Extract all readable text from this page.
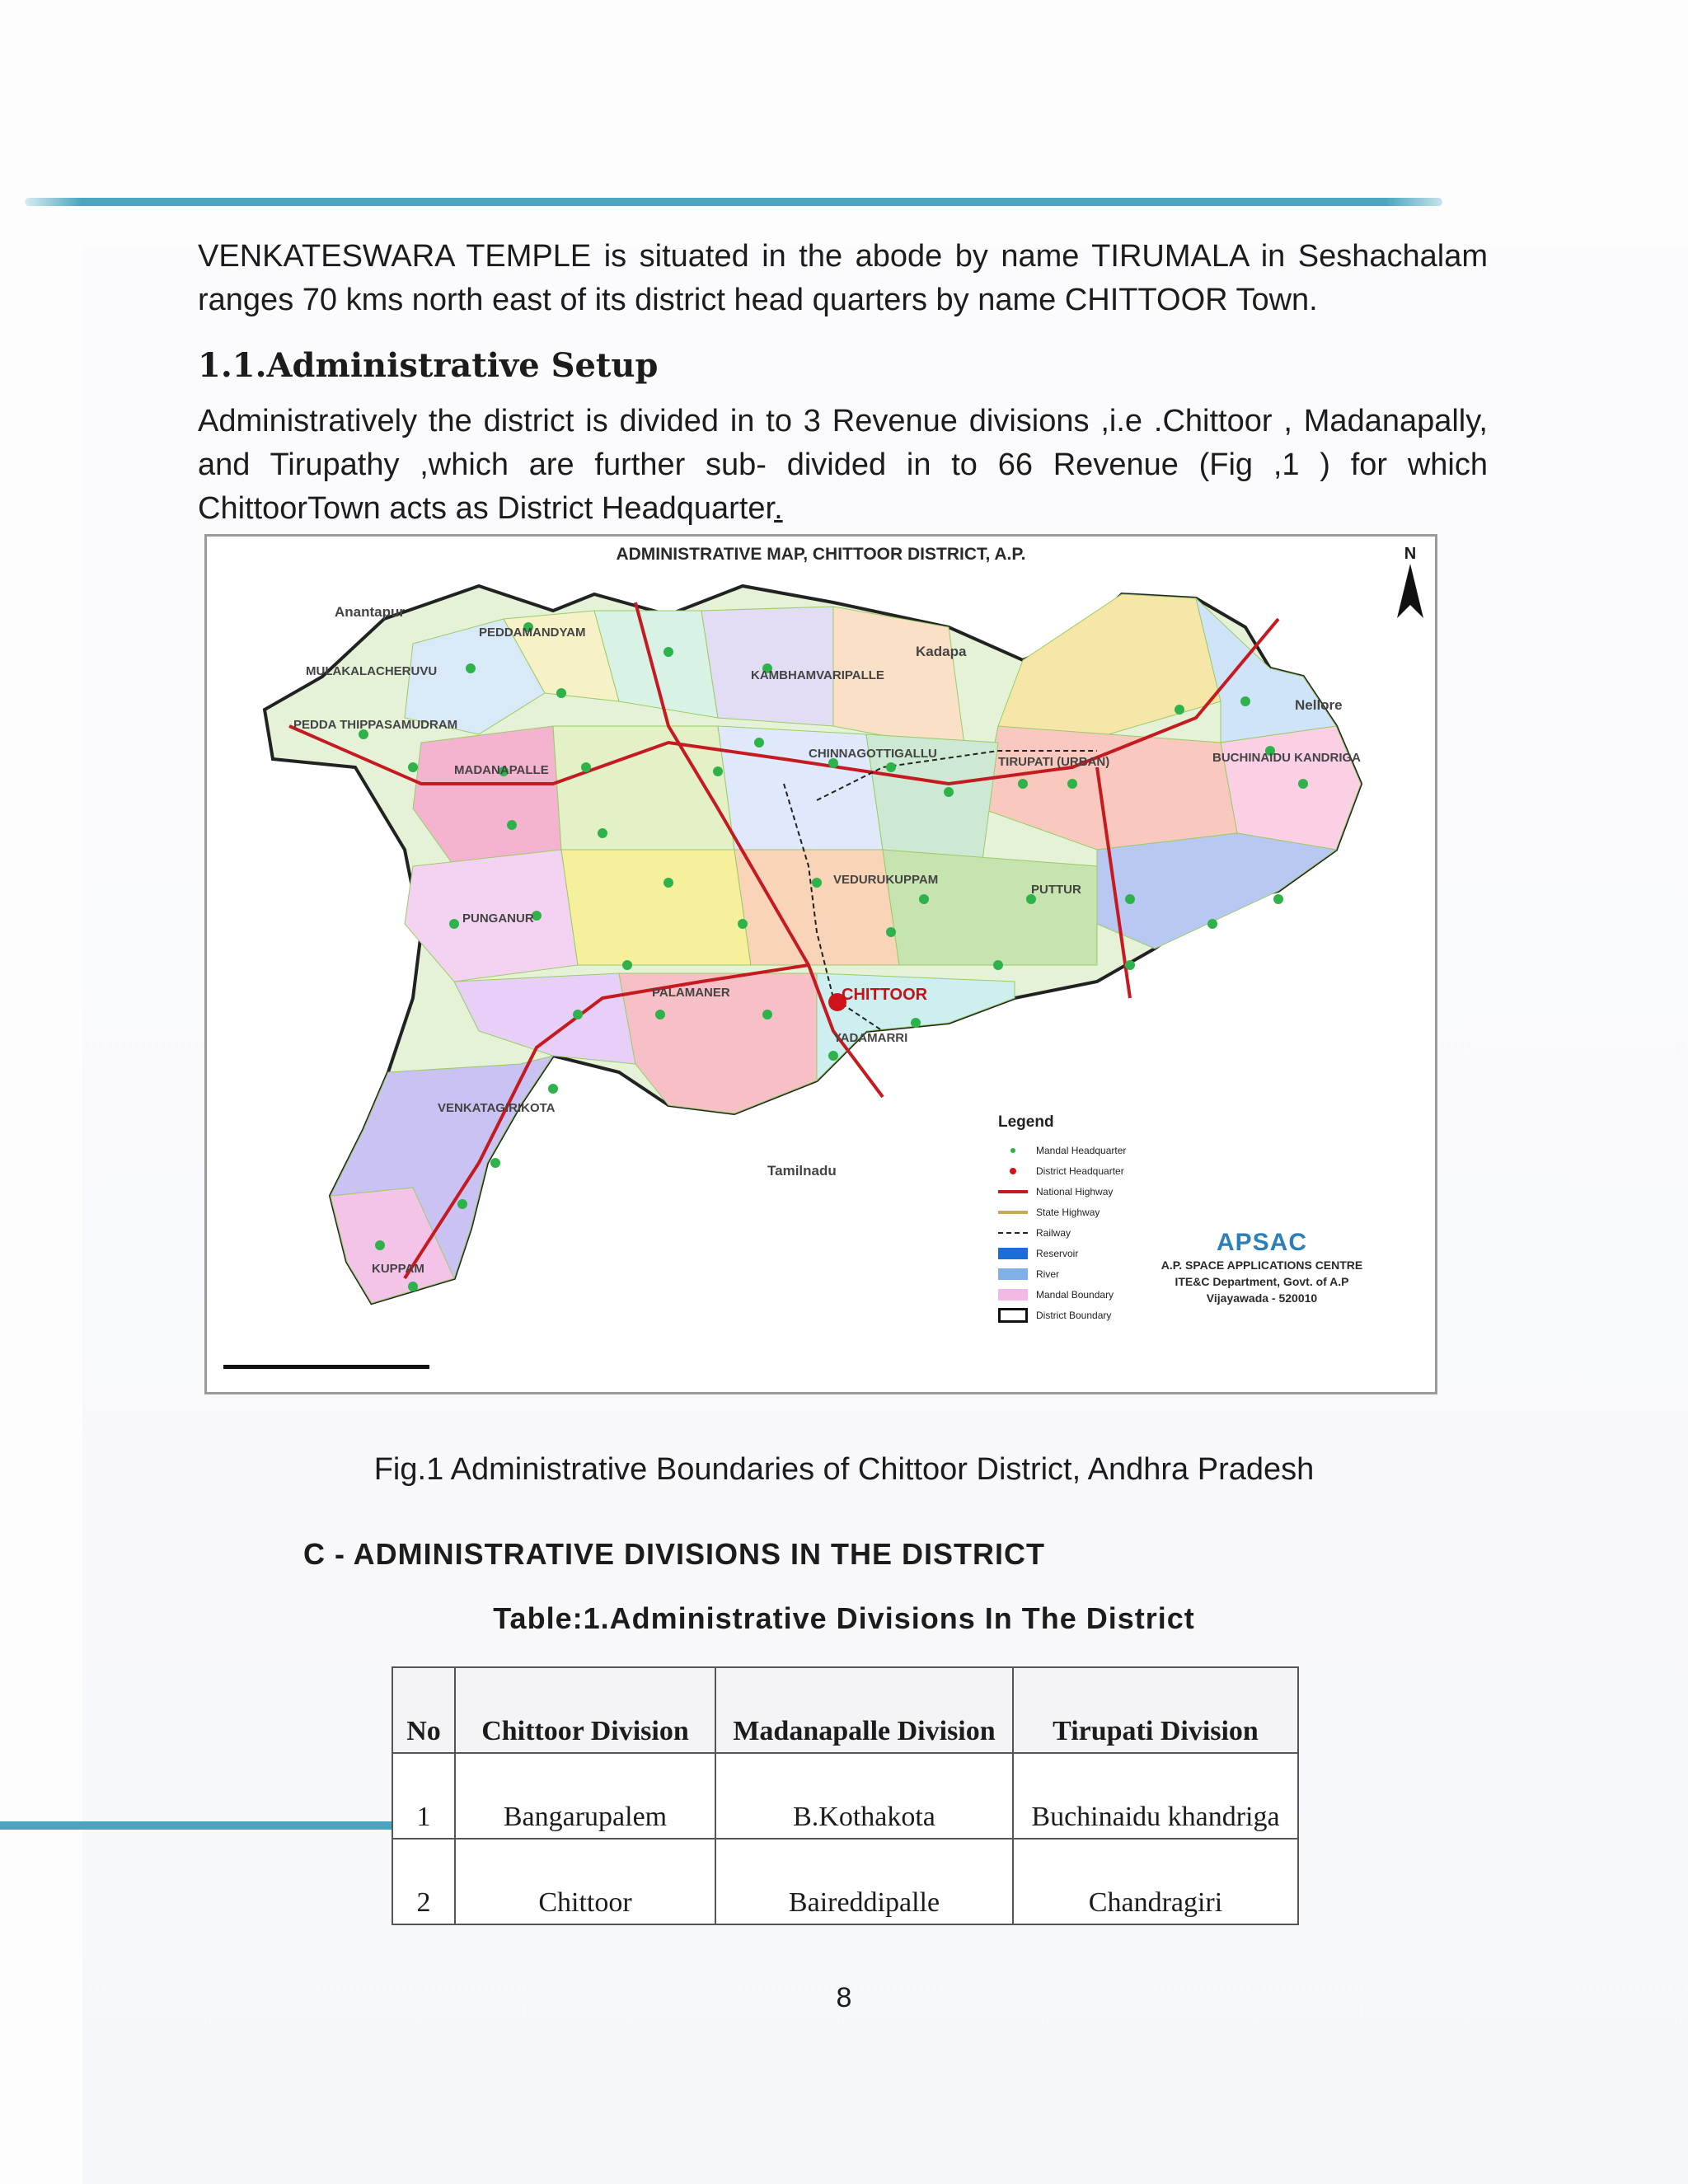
VENKATESWARA TEMPLE is situated in the abode by name TIRUMALA in Seshachalam ranges 70 kms north east of its district head quarters by name CHITTOOR Town.
1.1.Administrative Setup
Administratively the district is divided in to 3 Revenue divisions ,i.e .Chittoor , Madanapally, and Tirupathy ,which are further sub- divided in to 66 Revenue (Fig ,1 ) for which ChittoorTown acts as District Headquarter.
ADMINISTRATIVE MAP, CHITTOOR DISTRICT, A.P.	N
Anantapur
Kadapa
Nellore
Tamilnadu
PEDDAMANDYAM
MULAKALACHERUVU
PEDDA THIPPASAMUDRAM
KAMBHAMVARIPALLE
CHINNAGOTTIGALLU
TIRUPATI (URBAN)	BUCHINAIDU KANDRIGA
MADANAPALLE
VEDURUKUPPAM
PUTTUR
PUNGANUR
PALAMANER
YADAMARRI
VENKATAGIRIKOTA
KUPPAM
CHITTOOR
Legend
Mandal Headquarter
District Headquarter
National Highway
State Highway
Railway
Reservoir
River
Mandal Boundary
District Boundary
APSAC
A.P. SPACE APPLICATIONS CENTRE
ITE&C Department, Govt. of A.P
Vijayawada - 520010
Fig.1 Administrative Boundaries of Chittoor District, Andhra Pradesh
C - ADMINISTRATIVE DIVISIONS IN THE DISTRICT
Table:1.Administrative Divisions In The District
No	Chittoor Division	Madanapalle Division	Tirupati Division
1	Bangarupalem	B.Kothakota	Buchinaidu khandriga
2	Chittoor	Baireddipalle	Chandragiri
8
